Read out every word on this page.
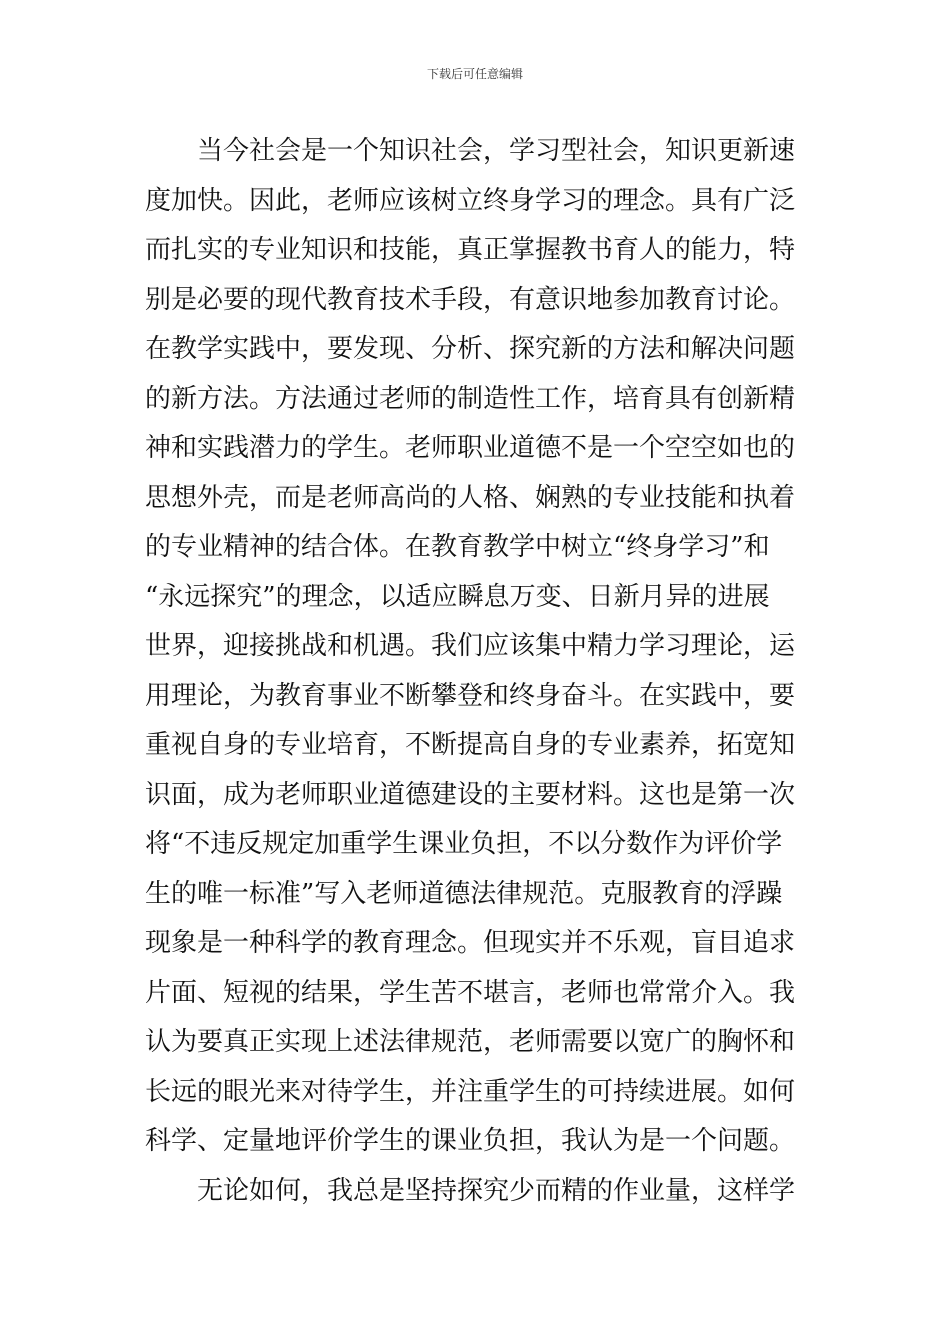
下载后可任意编辑
当今社会是一个知识社会，学习型社会，知识更新速
度加快。因此，老师应该树立终身学习的理念。具有广泛
而扎实的专业知识和技能，真正掌握教书育人的能力，特
别是必要的现代教育技术手段，有意识地参加教育讨论。
在教学实践中，要发现、分析、探究新的方法和解决问题
的新方法。方法通过老师的制造性工作，培育具有创新精
神和实践潜力的学生。老师职业道德不是一个空空如也的
思想外壳，而是老师高尚的人格、娴熟的专业技能和执着
的专业精神的结合体。在教育教学中树立“终身学习”和
“永远探究”的理念，以适应瞬息万变、日新月异的进展
世界，迎接挑战和机遇。我们应该集中精力学习理论，运
用理论，为教育事业不断攀登和终身奋斗。在实践中，要
重视自身的专业培育，不断提高自身的专业素养，拓宽知
识面，成为老师职业道德建设的主要材料。这也是第一次
将“不违反规定加重学生课业负担，不以分数作为评价学
生的唯一标准”写入老师道德法律规范。克服教育的浮躁
现象是一种科学的教育理念。但现实并不乐观，盲目追求
片面、短视的结果，学生苦不堪言，老师也常常介入。我
认为要真正实现上述法律规范，老师需要以宽广的胸怀和
长远的眼光来对待学生，并注重学生的可持续进展。如何
科学、定量地评价学生的课业负担，我认为是一个问题。
无论如何，我总是坚持探究少而精的作业量，这样学
